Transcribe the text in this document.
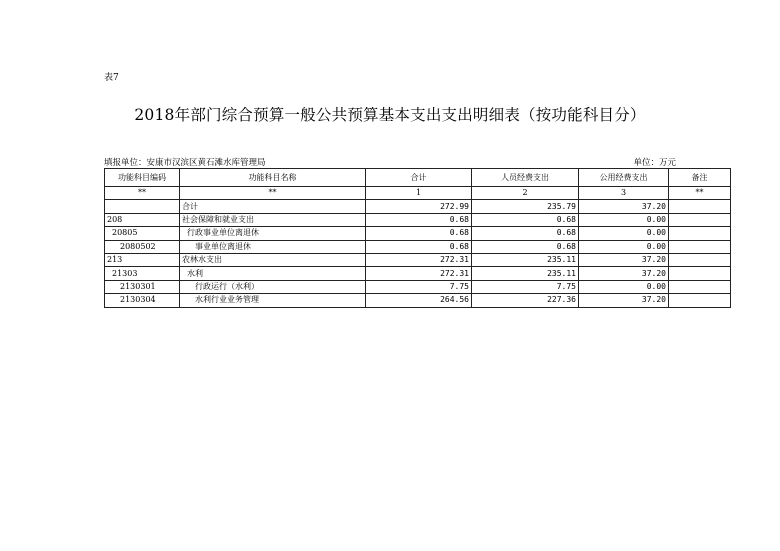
表7
2018年部门综合预算一般公共预算基本支出支出明细表（按功能科目分）
填报单位：安康市汉滨区黄石滩水库管理局	单位：万元
功能科目编码	功能科目名称	合计	人员经费支出	公用经费支出	备注
**	**	1	2	3	**
	合计	272.99	235.79	37.20	
208	社会保障和就业支出	0.68	0.68	0.00	
20805	行政事业单位离退休	0.68	0.68	0.00	
2080502	事业单位离退休	0.68	0.68	0.00	
213	农林水支出	272.31	235.11	37.20	
21303	水利	272.31	235.11	37.20	
2130301	行政运行（水利）	7.75	7.75	0.00	
2130304	水利行业业务管理	264.56	227.36	37.20	
